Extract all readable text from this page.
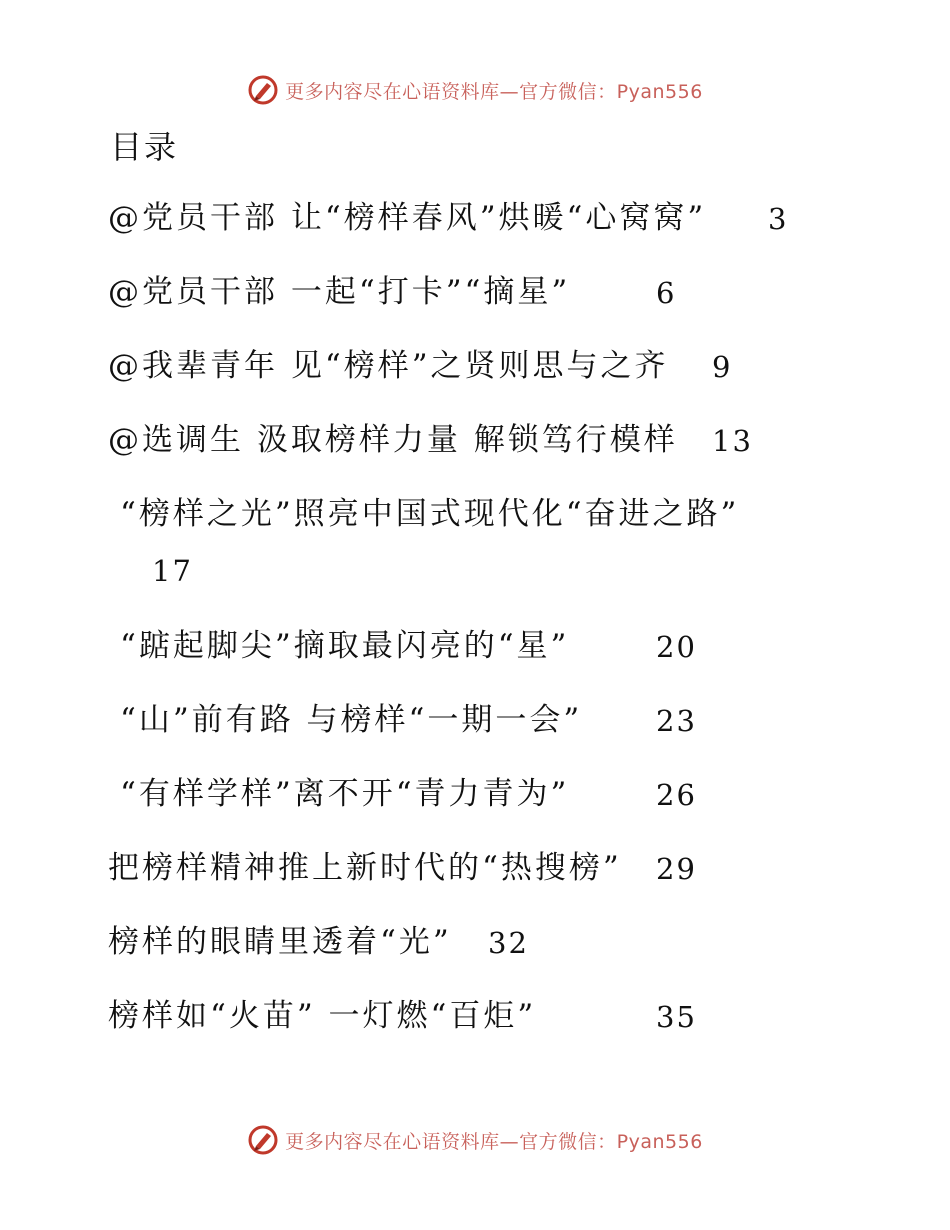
更多内容尽在心语资料库—官方微信：Pyan556
目录
@党员干部 让“榜样春风”烘暖“心窝窝” 3
@党员干部 一起“打卡”“摘星”	6
@我辈青年 见“榜样”之贤则思与之齐 9
@选调生 汲取榜样力量 解锁笃行模样 13
“榜样之光”照亮中国式现代化“奋进之路”
17
“踮起脚尖”摘取最闪亮的“星”	20
“山”前有路 与榜样“一期一会”	23
“有样学样”离不开“青力青为”	26
把榜样精神推上新时代的“热搜榜” 29
榜样的眼睛里透着“光” 32
榜样如“火苗” 一灯燃“百炬”	35
更多内容尽在心语资料库—官方微信：Pyan556
